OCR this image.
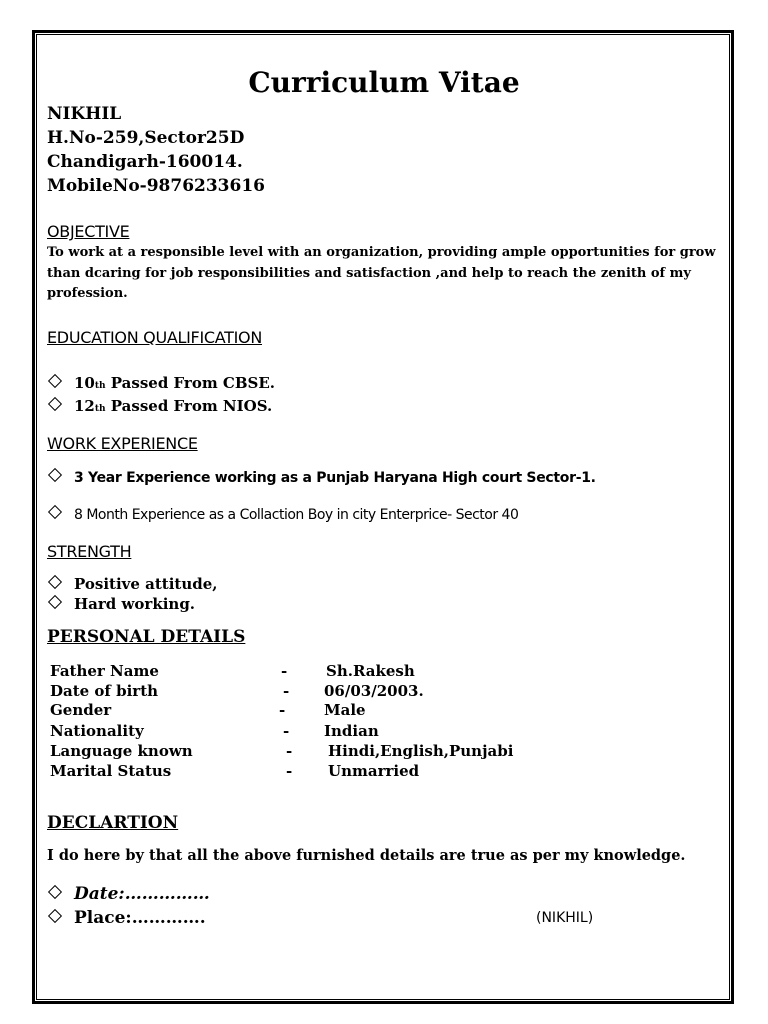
Curriculum Vitae
NIKHIL
H.No-259,Sector25D
Chandigarh-160014.
MobileNo-9876233616
OBJECTIVE
To work at a responsible level with an organization, providing ample opportunities for grow than dcaring for job responsibilities and satisfaction ,and help to reach the zenith of my profession.
EDUCATION QUALIFICATION
10 th Passed From CBSE.
12 th Passed From NIOS.
WORK EXPERIENCE
3 Year Experience working as a Punjab Haryana High court Sector-1.
8 Month Experience as a Collaction Boy in city Enterprice- Sector 40
STRENGTH
Positive attitude,
Hard working.
PERSONAL DETAILS
Father Name	-	Sh.Rakesh
Date of birth	- 06/03/2003.
Gender	-	Male
Nationality	- Indian
Language known	- Hindi,English,Punjabi
Marital Status	- Unmarried
DECLARTION
I do here by that all the above furnished details are true as per my knowledge.
Date:……………
Place:………….	(NIKHIL)
